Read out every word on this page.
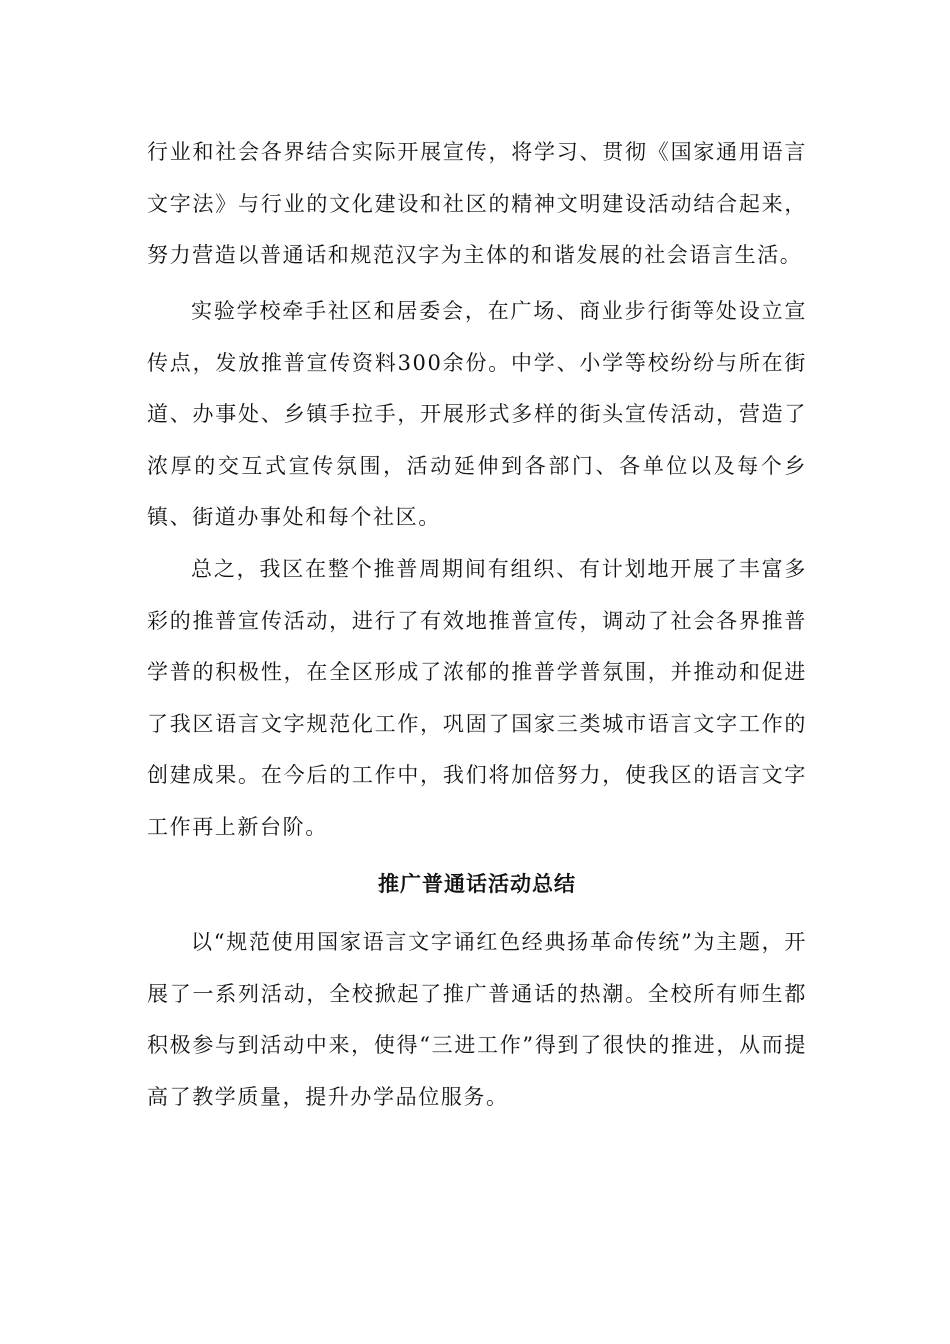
行业和社会各界结合实际开展宣传，将学习、贯彻《国家通用语言文字法》与行业的文化建设和社区的精神文明建设活动结合起来，努力营造以普通话和规范汉字为主体的和谐发展的社会语言生活。

实验学校牵手社区和居委会，在广场、商业步行街等处设立宣传点，发放推普宣传资料300余份。中学、小学等校纷纷与所在街道、办事处、乡镇手拉手，开展形式多样的街头宣传活动，营造了浓厚的交互式宣传氛围，活动延伸到各部门、各单位以及每个乡镇、街道办事处和每个社区。

总之，我区在整个推普周期间有组织、有计划地开展了丰富多彩的推普宣传活动，进行了有效地推普宣传，调动了社会各界推普学普的积极性，在全区形成了浓郁的推普学普氛围，并推动和促进了我区语言文字规范化工作，巩固了国家三类城市语言文字工作的创建成果。在今后的工作中，我们将加倍努力，使我区的语言文字工作再上新台阶。

推广普通话活动总结

以“规范使用国家语言文字诵红色经典扬革命传统”为主题，开展了一系列活动，全校掀起了推广普通话的热潮。全校所有师生都积极参与到活动中来，使得“三进工作”得到了很快的推进，从而提高了教学质量，提升办学品位服务。
